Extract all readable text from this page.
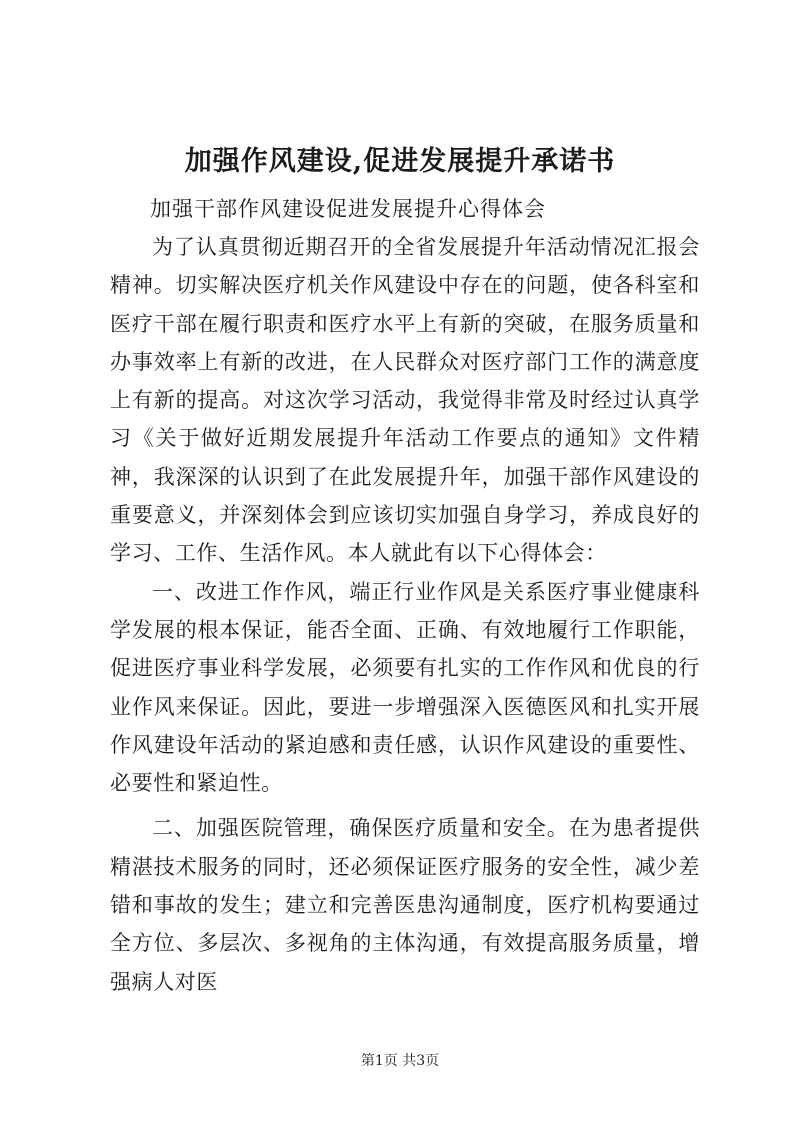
加强作风建设,促进发展提升承诺书

加强干部作风建设促进发展提升心得体会

为了认真贯彻近期召开的全省发展提升年活动情况汇报会精神。切实解决医疗机关作风建设中存在的问题，使各科室和医疗干部在履行职责和医疗水平上有新的突破，在服务质量和办事效率上有新的改进，在人民群众对医疗部门工作的满意度上有新的提高。对这次学习活动，我觉得非常及时经过认真学习《关于做好近期发展提升年活动工作要点的通知》文件精神，我深深的认识到了在此发展提升年，加强干部作风建设的重要意义，并深刻体会到应该切实加强自身学习，养成良好的学习、工作、生活作风。本人就此有以下心得体会：

一、改进工作作风，端正行业作风是关系医疗事业健康科学发展的根本保证，能否全面、正确、有效地履行工作职能，促进医疗事业科学发展，必须要有扎实的工作作风和优良的行业作风来保证。因此，要进一步增强深入医德医风和扎实开展作风建设年活动的紧迫感和责任感，认识作风建设的重要性、必要性和紧迫性。

二、加强医院管理，确保医疗质量和安全。在为患者提供精湛技术服务的同时，还必须保证医疗服务的安全性，减少差错和事故的发生；建立和完善医患沟通制度，医疗机构要通过全方位、多层次、多视角的主体沟通，有效提高服务质量，增强病人对医

第1页 共3页
